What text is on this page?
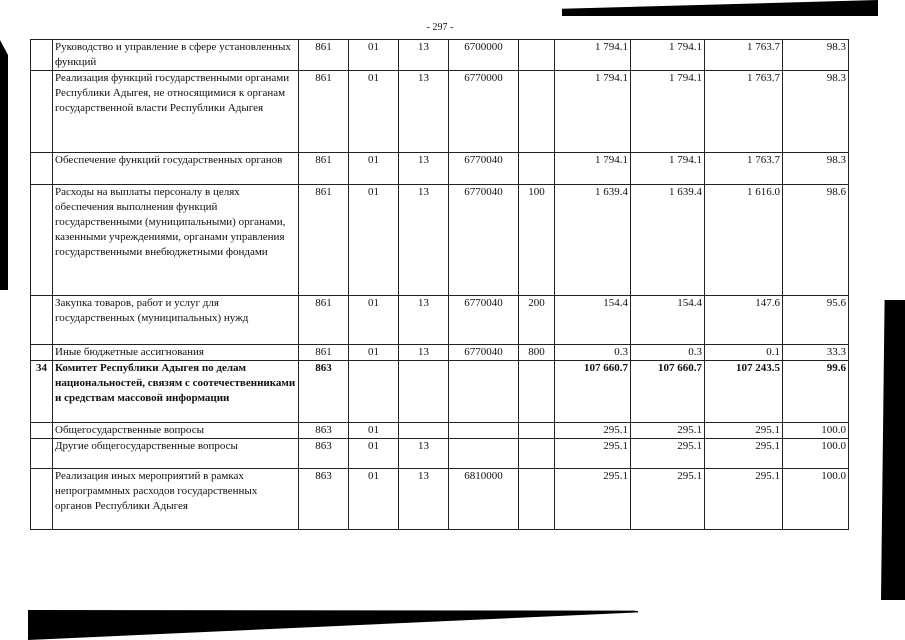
- 297 -
	Руководство и управление в сфере установленных функций	861	01	13	6700000		1 794.1	1 794.1	1 763.7	98.3
	Реализация функций государственными органами Республики Адыгея, не относящимися к органам государственной власти Республики Адыгея	861	01	13	6770000		1 794.1	1 794.1	1 763.7	98.3
	Обеспечение функций государственных органов	861	01	13	6770040		1 794.1	1 794.1	1 763.7	98.3
	Расходы на выплаты персоналу в целях обеспечения выполнения функций государственными (муниципальными) органами, казенными учреждениями, органами управления государственными внебюджетными фондами	861	01	13	6770040	100	1 639.4	1 639.4	1 616.0	98.6
	Закупка товаров, работ и услуг для государственных (муниципальных) нужд	861	01	13	6770040	200	154.4	154.4	147.6	95.6
	Иные бюджетные ассигнования	861	01	13	6770040	800	0.3	0.3	0.1	33.3
34	Комитет Республики Адыгея по делам национальностей, связям с соотечественниками и средствам массовой информации	863					107 660.7	107 660.7	107 243.5	99.6
	Общегосударственные вопросы	863	01				295.1	295.1	295.1	100.0
	Другие общегосударственные вопросы	863	01	13			295.1	295.1	295.1	100.0
	Реализация иных мероприятий в рамках непрограммных расходов государственных органов Республики Адыгея	863	01	13	6810000		295.1	295.1	295.1	100.0
